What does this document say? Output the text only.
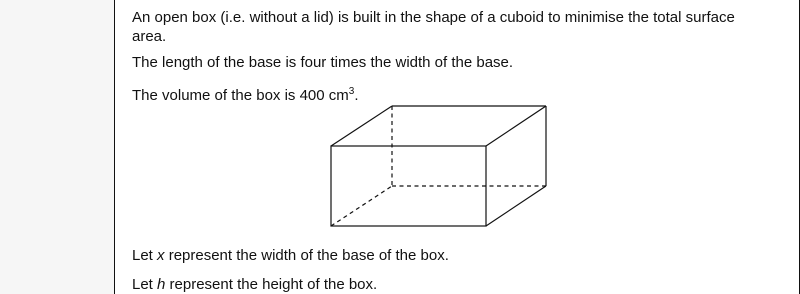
An open box (i.e. without a lid) is built in the shape of a cuboid to minimise the total surface area.

The length of the base is four times the width of the base.

The volume of the box is 400 $cm^3$.

Let x represent the width of the base of the box.

Let h represent the height of the box.
